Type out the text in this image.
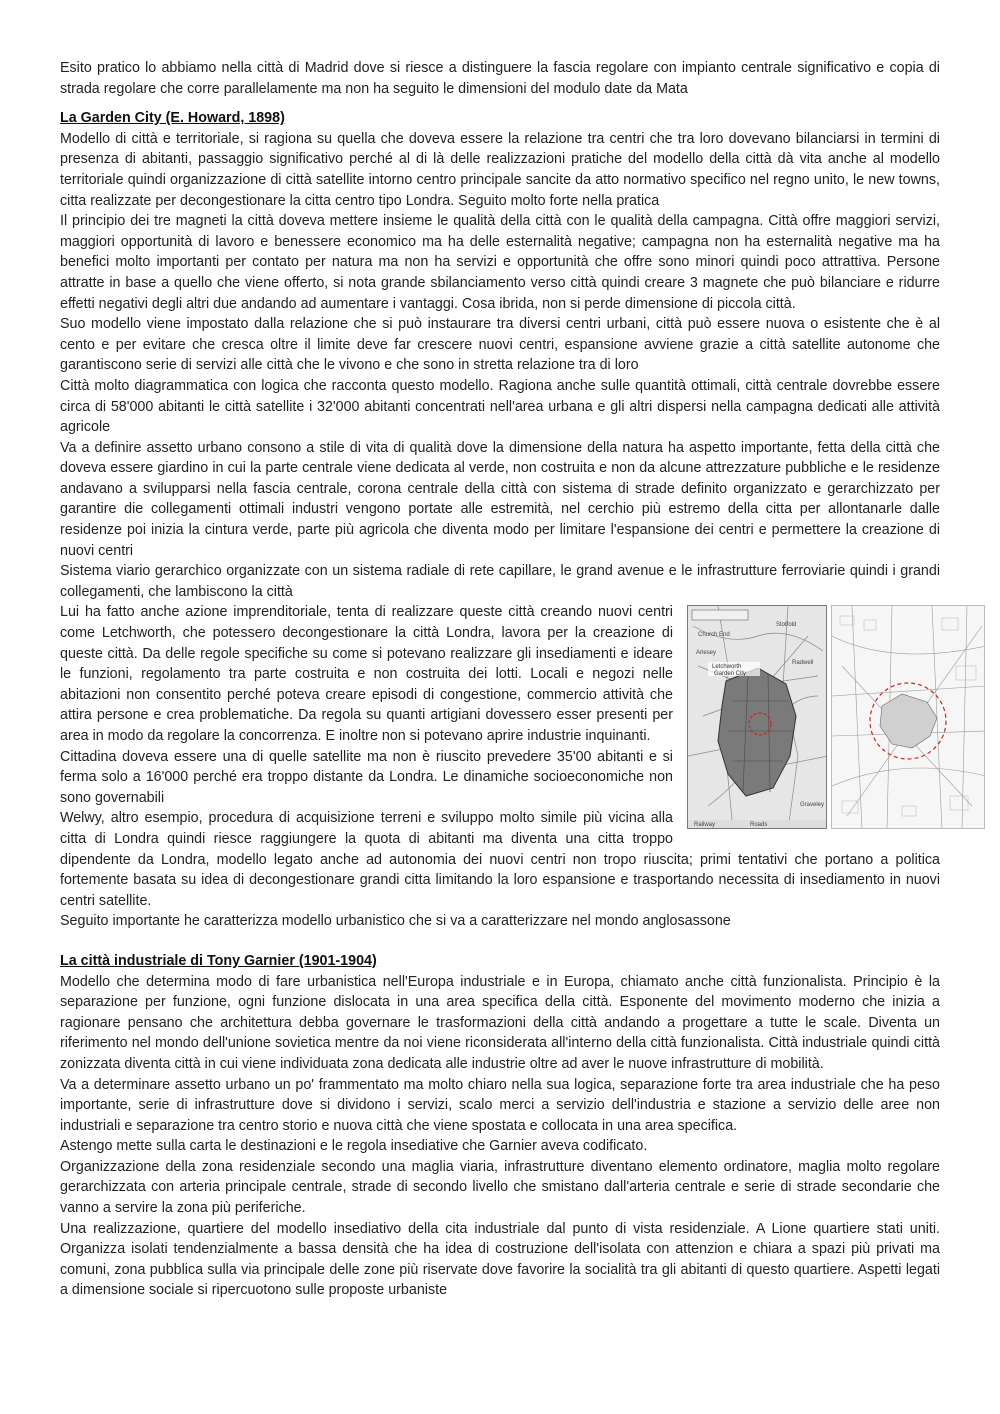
Esito pratico lo abbiamo nella città di Madrid dove si riesce a distinguere la fascia regolare con impianto centrale significativo e copia di strada regolare che corre parallelamente ma non ha seguito le dimensioni del modulo date da Mata

La Garden City (E. Howard, 1898)

Modello di città e territoriale, si ragiona su quella che doveva essere la relazione tra centri che tra loro dovevano bilanciarsi in termini di presenza di abitanti, passaggio significativo perché al di là delle realizzazioni pratiche del modello della città dà vita anche al modello territoriale quindi organizzazione di città satellite intorno centro principale sancite da atto normativo specifico nel regno unito, le new towns, citta realizzate per decongestionare la citta centro tipo Londra. Seguito molto forte nella pratica

Il principio dei tre magneti la città doveva mettere insieme le qualità della città con le qualità della campagna. Città offre maggiori servizi, maggiori opportunità di lavoro e benessere economico ma ha delle esternalità negative; campagna non ha esternalità negative ma ha benefici molto importanti per contato per natura ma non ha servizi e opportunità che offre sono minori quindi poco attrattiva. Persone attratte in base a quello che viene offerto, si nota grande sbilanciamento verso città quindi creare 3 magnete che può bilanciare e ridurre effetti negativi degli altri due andando ad aumentare i vantaggi. Cosa ibrida, non si perde dimensione di piccola città.

Suo modello viene impostato dalla relazione che si può instaurare tra diversi centri urbani, città può essere nuova o esistente che è al cento e per evitare che cresca oltre il limite deve far crescere nuovi centri, espansione avviene grazie a città satellite autonome che garantiscono serie di servizi alle città che le vivono e che sono in stretta relazione tra di loro

Città molto diagrammatica con logica che racconta questo modello. Ragiona anche sulle quantità ottimali, città centrale dovrebbe essere circa di 58'000 abitanti le città satellite i 32'000 abitanti concentrati nell'area urbana e gli altri dispersi nella campagna dedicati alle attività agricole

Va a definire assetto urbano consono a stile di vita di qualità dove la dimensione della natura ha aspetto importante, fetta della città che doveva essere giardino in cui la parte centrale viene dedicata al verde, non costruita e non da alcune attrezzature pubbliche e le residenze andavano a svilupparsi nella fascia centrale, corona centrale della città con sistema di strade definito organizzato e gerarchizzato per garantire die collegamenti ottimali industri vengono portate alle estremità, nel cerchio più estremo della citta per allontanarle dalle residenze poi inizia la cintura verde, parte più agricola che diventa modo per limitare l'espansione dei centri e permettere la creazione di nuovi centri

Sistema viario gerarchico organizzate con un sistema radiale di rete capillare, le grand avenue e le infrastrutture ferroviarie quindi i grandi collegamenti, che lambiscono la città

Church End
Stotfold
Arlesey
Radwell
Graveley
Railway	Roads
Letchworth
Garden City

Lui ha fatto anche azione imprenditoriale, tenta di realizzare queste città creando nuovi centri come Letchworth, che potessero decongestionare la città Londra, lavora per la creazione di queste città. Da delle regole specifiche su come si potevano realizzare gli insediamenti e ideare le funzioni, regolamento tra parte costruita e non costruita dei lotti. Locali e negozi nelle abitazioni non consentito perché poteva creare episodi di congestione, commercio attività che attira persone e crea problematiche. Da regola su quanti artigiani dovessero esser presenti per area in modo da regolare la concorrenza. E inoltre non si potevano aprire industrie inquinanti.

Cittadina doveva essere una di quelle satellite ma non è riuscito prevedere 35'00 abitanti e si ferma solo a 16'000 perché era troppo distante da Londra. Le dinamiche socioeconomiche non sono governabili

Welwy, altro esempio, procedura di acquisizione terreni e sviluppo molto simile più vicina alla citta di Londra quindi riesce raggiungere la quota di abitanti ma diventa una citta troppo dipendente da Londra, modello legato anche ad autonomia dei nuovi centri non tropo riuscita; primi tentativi che portano a politica fortemente basata su idea di decongestionare grandi citta limitando la loro espansione e trasportando necessita di insediamento in nuovi centri satellite.

Seguito importante he caratterizza modello urbanistico che si va a caratterizzare nel mondo anglosassone

La città industriale di Tony Garnier (1901-1904)

Modello che determina modo di fare urbanistica nell'Europa industriale e in Europa, chiamato anche città funzionalista. Principio è la separazione per funzione, ogni funzione dislocata in una area specifica della città. Esponente del movimento moderno che inizia a ragionare pensano che architettura debba governare le trasformazioni della città andando a progettare a tutte le scale. Diventa un riferimento nel mondo dell'unione sovietica mentre da noi viene riconsiderata all'interno della città funzionalista. Città industriale quindi città zonizzata diventa città in cui viene individuata zona dedicata alle industrie oltre ad aver le nuove infrastrutture di mobilità.

Va a determinare assetto urbano un po' frammentato ma molto chiaro nella sua logica, separazione forte tra area industriale che ha peso importante, serie di infrastrutture dove si dividono i servizi, scalo merci a servizio dell'industria e stazione a servizio delle aree non industriali e separazione tra centro storio e nuova città che viene spostata e collocata in una area specifica.

Astengo mette sulla carta le destinazioni e le regola insediative che Garnier aveva codificato.

Organizzazione della zona residenziale secondo una maglia viaria, infrastrutture diventano elemento ordinatore, maglia molto regolare gerarchizzata con arteria principale centrale, strade di secondo livello che smistano dall'arteria centrale e serie di strade secondarie che vanno a servire la zona più periferiche.

Una realizzazione, quartiere del modello insediativo della cita industriale dal punto di vista residenziale. A Lione quartiere stati uniti. Organizza isolati tendenzialmente a bassa densità che ha idea di costruzione dell'isolata con attenzion e chiara a spazi più privati ma comuni, zona pubblica sulla via principale delle zone più riservate dove favorire la socialità tra gli abitanti di questo quartiere. Aspetti legati a dimensione sociale si ripercuotono sulle proposte urbaniste
